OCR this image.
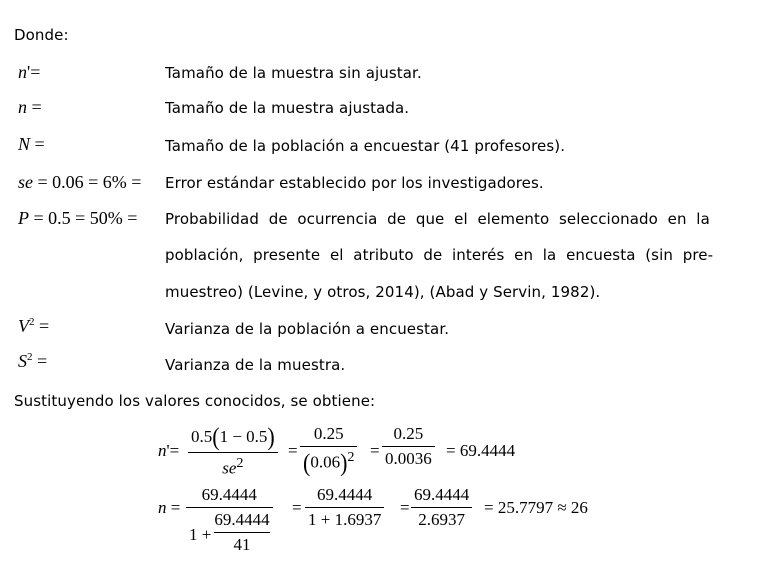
Donde:
n'=	Tamaño de la muestra sin ajustar.
n =	Tamaño de la muestra ajustada.
N =	Tamaño de la población a encuestar (41 profesores).
se = 0.06 = 6% = Error estándar establecido por los investigadores.
P = 0.5 = 50% = Probabilidad  de  ocurrencia  de  que  el  elemento  seleccionado  en  la
población,  presente  el  atributo  de  interés  en  la  encuesta  (sin  pre-
muestreo) (Levine, y otros, 2014), (Abad y Servin, 1982).
$V^2$ =	Varianza de la población a encuestar.
$S^2$ =	Varianza de la muestra.
Sustituyendo los valores conocidos, se obtiene:
n'=
0.5(1 − 0.5)
$se^2$
=
0.25
$(0.06)^2$ =
0.25
0.0036 = 69.4444
n =
69.4444
1 +
69.4444
41
=
69.4444
1 + 1.6937
=
69.4444
2.6937
= 25.7797 ≈ 26
